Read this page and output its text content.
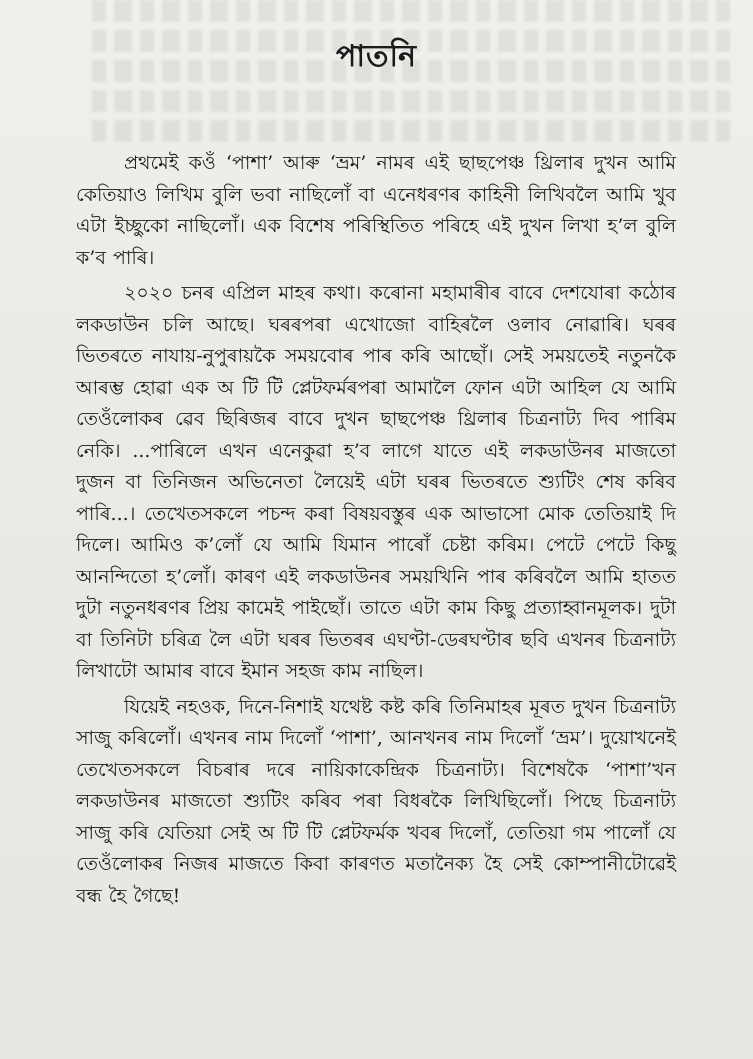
পাতনি

প্ৰথমেই কওঁ ‘পাশা’ আৰু ‘ভ্ৰম’ নামৰ এই ছাছপেঞ্চ থ্ৰিলাৰ দুখন আমি কেতিয়াও লিখিম বুলি ভবা নাছিলোঁ বা এনেধৰণৰ কাহিনী লিখিবলৈ আমি খুব এটা ইচ্ছুকো নাছিলোঁ। এক বিশেষ পৰিস্থিতিত পৰিহে এই দুখন লিখা হ’ল বুলি ক’ব পাৰি।

২০২০ চনৰ এপ্ৰিল মাহৰ কথা। কৰোনা মহামাৰীৰ বাবে দেশযোৰা কঠোৰ লকডাউন চলি আছে। ঘৰৰপৰা এখোজো বাহিৰলৈ ওলাব নোৱাৰি। ঘৰৰ ভিতৰতে নাযায়-নুপুৰায়কৈ সময়বোৰ পাৰ কৰি আছোঁ। সেই সময়তেই নতুনকৈ আৰম্ভ হোৱা এক অ টি টি প্লেটফৰ্মৰপৰা আমালৈ ফোন এটা আহিল যে আমি তেওঁলোকৰ ৱেব ছিৰিজৰ বাবে দুখন ছাছপেঞ্চ থ্ৰিলাৰ চিত্ৰনাট্য দিব পাৰিম নেকি। ...পাৰিলে এখন এনেকুৱা হ’ব লাগে যাতে এই লকডাউনৰ মাজতো দুজন বা তিনিজন অভিনেতা লৈয়েই এটা ঘৰৰ ভিতৰতে শ্যুটিং শেষ কৰিব পাৰি...। তেখেতসকলে পচন্দ কৰা বিষয়বস্তুৰ এক আভাসো মোক তেতিয়াই দি দিলে। আমিও ক’লোঁ যে আমি যিমান পাৰোঁ চেষ্টা কৰিম। পেটে পেটে কিছু আনন্দিতো হ’লোঁ। কাৰণ এই লকডাউনৰ সময়খিনি পাৰ কৰিবলৈ আমি হাতত দুটা নতুনধৰণৰ প্ৰিয় কামেই পাইছোঁ। তাতে এটা কাম কিছু প্ৰত্যাহ্বানমূলক। দুটা বা তিনিটা চৰিত্ৰ লৈ এটা ঘৰৰ ভিতৰৰ এঘণ্টা-ডেৰঘণ্টাৰ ছবি এখনৰ চিত্ৰনাট্য লিখাটো আমাৰ বাবে ইমান সহজ কাম নাছিল।

যিয়েই নহওক, দিনে-নিশাই যথেষ্ট কষ্ট কৰি তিনিমাহৰ মূৰত দুখন চিত্ৰনাট্য সাজু কৰিলোঁ। এখনৰ নাম দিলোঁ ‘পাশা’, আনখনৰ নাম দিলোঁ ‘ভ্ৰম’। দুয়োখনেই তেখেতসকলে বিচৰাৰ দৰে নায়িকাকেন্দ্ৰিক চিত্ৰনাট্য। বিশেষকৈ ‘পাশা’খন লকডাউনৰ মাজতো শ্যুটিং কৰিব পৰা বিধৰকৈ লিখিছিলোঁ। পিছে চিত্ৰনাট্য সাজু কৰি যেতিয়া সেই অ টি টি প্লেটফৰ্মক খবৰ দিলোঁ, তেতিয়া গম পালোঁ যে তেওঁলোকৰ নিজৰ মাজতে কিবা কাৰণত মতানৈক্য হৈ সেই কোম্পানীটোৱেই বন্ধ হৈ গৈছে!
